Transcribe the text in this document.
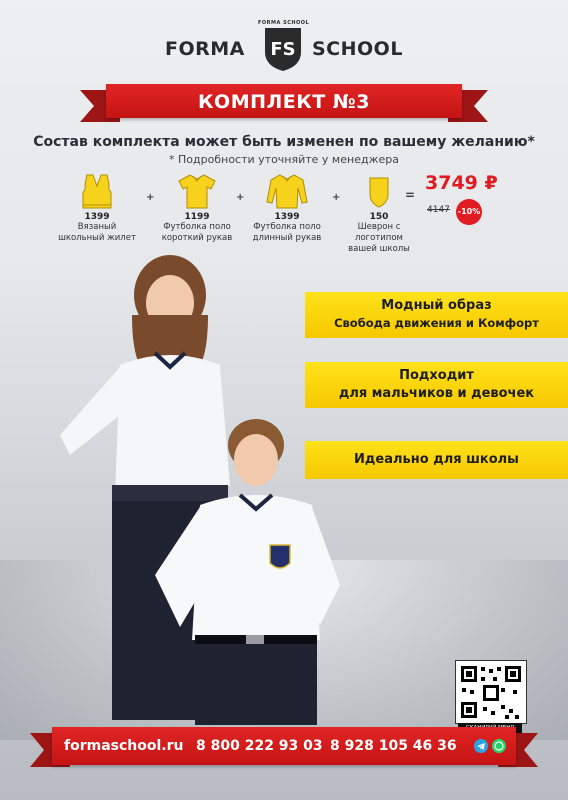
FORMA FS
FORMA SCHOOL
SCHOOL
КОМПЛЕКТ №3
Состав комплекта может быть изменен по вашему желанию*
* Подробности уточняйте у менеджера
1399
Вязаный
школьный жилет
+
1199
Футболка поло
короткий рукав
+
1399
Футболка поло
длинный рукав
+
150
Шеврон с логотипом
вашей школы
=
3749 ₽
4147 -10%
Модный образ
Свобода движения и Комфорт
Подходит
для мальчиков и девочек
Идеально для школы
formaschool.ru 8 800 222 93 03 8 928 105 46 36
